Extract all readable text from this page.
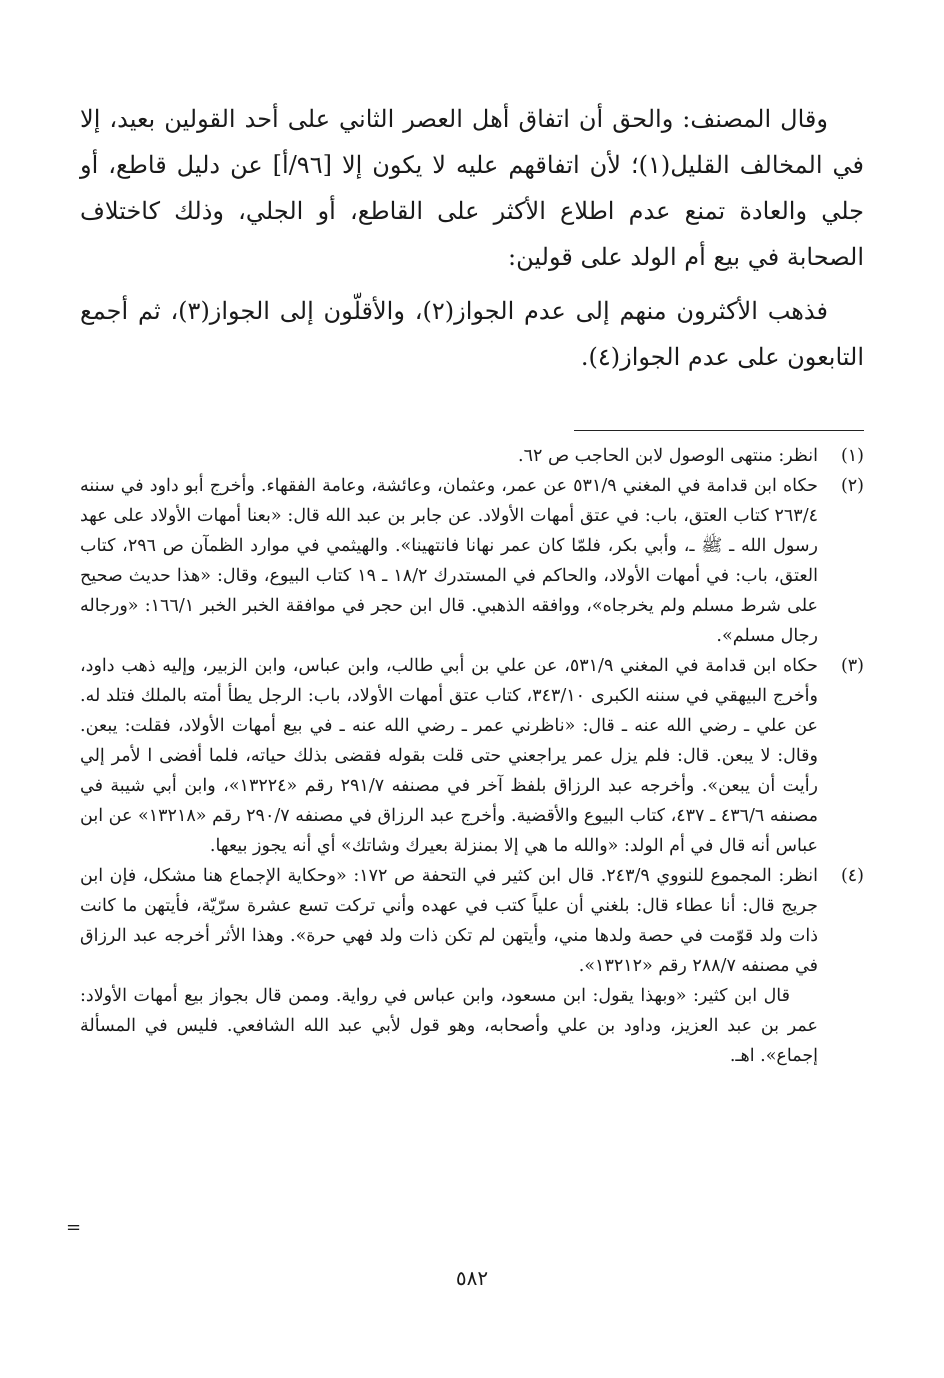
وقال المصنف: والحق أن اتفاق أهل العصر الثاني على أحد القولين بعيد، إلا في المخالف القليل(١)؛ لأن اتفاقهم عليه لا يكون إلا [٩٦/أ] عن دليل قاطع، أو جلي والعادة تمنع عدم اطلاع الأكثر على القاطع، أو الجلي، وذلك كاختلاف الصحابة في بيع أم الولد على قولين:

فذهب الأكثرون منهم إلى عدم الجواز(٢)، والأقلّون إلى الجواز(٣)، ثم أجمع التابعون على عدم الجواز(٤).

(١)
انظر: منتهى الوصول لابن الحاجب ص ٦٢.
(٢)
حكاه ابن قدامة في المغني ٥٣١/٩ عن عمر، وعثمان، وعائشة، وعامة الفقهاء. وأخرج أبو داود في سننه ٢٦٣/٤ كتاب العتق، باب: في عتق أمهات الأولاد. عن جابر بن عبد الله قال: «بعنا أمهات الأولاد على عهد رسول الله ـ ﷺ ـ، وأبي بكر، فلمّا كان عمر نهانا فانتهينا». والهيثمي في موارد الظمآن ص ٢٩٦، كتاب العتق، باب: في أمهات الأولاد، والحاكم في المستدرك ١٨/٢ ـ ١٩ كتاب البيوع، وقال: «هذا حديث صحيح على شرط مسلم ولم يخرجاه»، ووافقه الذهبي. قال ابن حجر في موافقة الخبر الخبر ١٦٦/١: «ورجاله رجال مسلم».
(٣)
حكاه ابن قدامة في المغني ٥٣١/٩، عن علي بن أبي طالب، وابن عباس، وابن الزبير، وإليه ذهب داود، وأخرج البيهقي في سننه الكبرى ٣٤٣/١٠، كتاب عتق أمهات الأولاد، باب: الرجل يطأ أمته بالملك فتلد له. عن علي ـ رضي الله عنه ـ قال: «ناظرني عمر ـ رضي الله عنه ـ في بيع أمهات الأولاد، فقلت: يبعن. وقال: لا يبعن. قال: فلم يزل عمر يراجعني حتى قلت بقوله فقضى بذلك حياته، فلما أفضى ا لأمر إلي رأيت أن يبعن». وأخرجه عبد الرزاق بلفظ آخر في مصنفه ٢٩١/٧ رقم «١٣٢٢٤»، وابن أبي شيبة في مصنفه ٤٣٦/٦ ـ ٤٣٧، كتاب البيوع والأقضية. وأخرج عبد الرزاق في مصنفه ٢٩٠/٧ رقم «١٣٢١٨» عن ابن عباس أنه قال في أم الولد: «والله ما هي إلا بمنزلة بعيرك وشاتك» أي أنه يجوز بيعها.
(٤)
انظر: المجموع للنووي ٢٤٣/٩. قال ابن كثير في التحفة ص ١٧٢: «وحكاية الإجماع هنا مشكل، فإن ابن جريج قال: أنا عطاء قال: بلغني أن علياً كتب في عهده وأني تركت تسع عشرة سرّيّة، فأيتهن ما كانت ذات ولد قوّمت في حصة ولدها مني، وأيتهن لم تكن ذات ولد فهي حرة». وهذا الأثر أخرجه عبد الرزاق في مصنفه ٢٨٨/٧ رقم «١٣٢١٢».
قال ابن كثير: «وبهذا يقول: ابن مسعود، وابن عباس في رواية. وممن قال بجواز بيع أمهات الأولاد: عمر بن عبد العزيز، وداود بن علي وأصحابه، وهو قول لأبي عبد الله الشافعي. فليس في المسألة إجماع». اهـ.
=
٥٨٢
